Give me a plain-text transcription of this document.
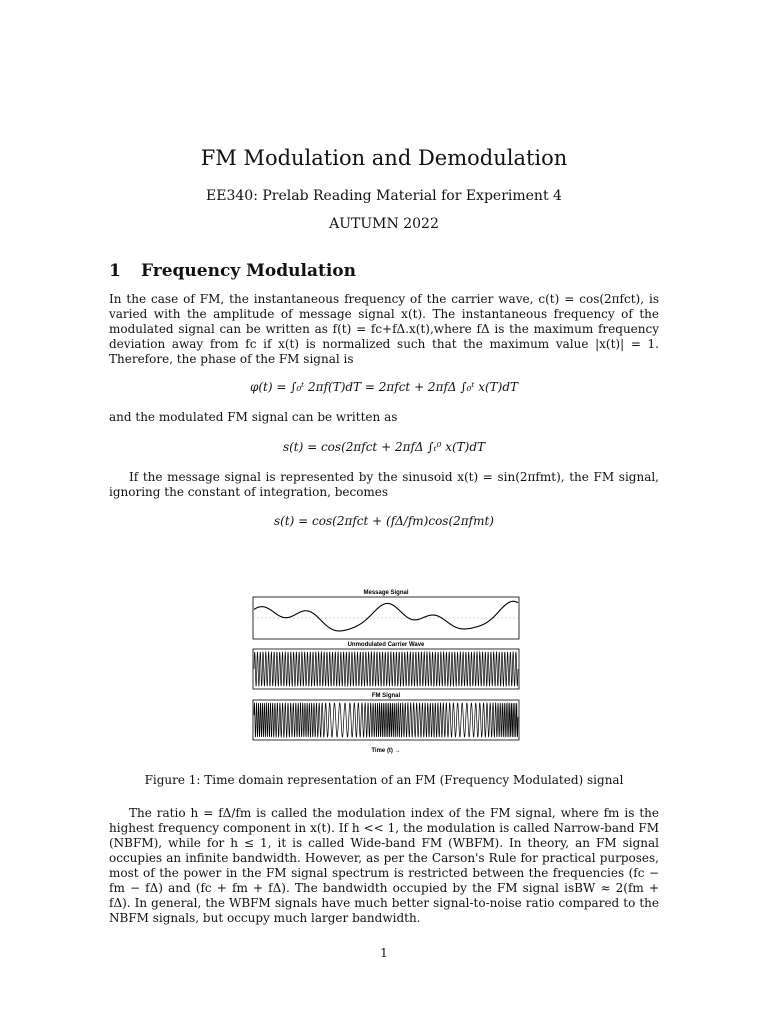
FM Modulation and Demodulation
EE340: Prelab Reading Material for Experiment 4
AUTUMN 2022
1 Frequency Modulation
In the case of FM, the instantaneous frequency of the carrier wave, c(t) = cos(2πfct), is varied with the amplitude of message signal x(t). The instantaneous frequency of the modulated signal can be written as f(t) = fc+fΔ.x(t),where fΔ is the maximum frequency deviation away from fc if x(t) is normalized such that the maximum value |x(t)| = 1. Therefore, the phase of the FM signal is
φ(t) = ∫₀ᵗ 2πf(T)dT = 2πfct + 2πfΔ ∫₀ᵗ x(T)dT
and the modulated FM signal can be written as
s(t) = cos(2πfct + 2πfΔ ∫ₜ⁰ x(T)dT
If the message signal is represented by the sinusoid x(t) = sin(2πfmt), the FM signal, ignoring the constant of integration, becomes
s(t) = cos(2πfct + (fΔ/fm)cos(2πfmt)
Message Signal
Unmodulated Carrier Wave
FM Signal
Time (t) →
Figure 1: Time domain representation of an FM (Frequency Modulated) signal
The ratio h = fΔ/fm is called the modulation index of the FM signal, where fm is the highest frequency component in x(t). If h << 1, the modulation is called Narrow-band FM (NBFM), while for h ≤ 1, it is called Wide-band FM (WBFM). In theory, an FM signal occupies an infinite bandwidth. However, as per the Carson's Rule for practical purposes, most of the power in the FM signal spectrum is restricted between the frequencies (fc − fm − fΔ) and (fc + fm + fΔ). The bandwidth occupied by the FM signal isBW ≈ 2(fm + fΔ). In general, the WBFM signals have much better signal-to-noise ratio compared to the NBFM signals, but occupy much larger bandwidth.
1
